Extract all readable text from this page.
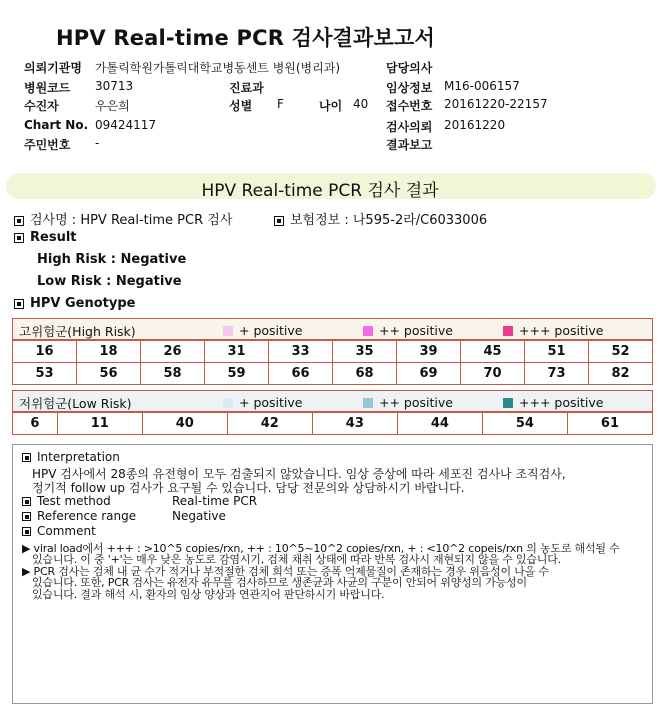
HPV Real-time PCR 검사결과보고서
의뢰기관명 가톨릭학원가톨릭대학교병동센트 병원(병리과)
병원코드 30713	진료과
수진자	우은희	성별 F	나이 40
Chart No. 09424117
주민번호 -
담당의사
임상정보 M16-006157
접수번호 20161220-22157
검사의뢰 20161220
결과보고
HPV Real-time PCR 검사 결과
검사명 : HPV Real-time PCR 검사	보험정보 : 나595-2라/C6033006
Result
High Risk : Negative
Low Risk : Negative
HPV Genotype
고위험군(High Risk)	+ positive	++ positive	+++ positive
16	18	26	31	33	35	39	45	51	52
53	56	58	59	66	68	69	70	73	82
저위험군(Low Risk)	+ positive	++ positive	+++ positive
6	11	40	42	43	44	54	61
Interpretation
HPV 검사에서 28종의 유전형이 모두 검출되지 않았습니다. 임상 증상에 따라 세포진 검사나 조직검사,
정기적 follow up 검사가 요구될 수 있습니다. 담당 전문의와 상담하시기 바랍니다.
Test method	Real-time PCR
Reference range	Negative
Comment
▶ viral load에서 +++ : >10^5 copies/rxn, ++ : 10^5~10^2 copies/rxn, + : <10^2 copeis/rxn 의 농도로 해석될 수
있습니다. 이 중 '+'는 매우 낮은 농도로 감염시기, 검체 채취 상태에 따라 반복 검사시 재현되지 않을 수 있습니다.
▶ PCR 검사는 검체 내 균 수가 적거나 부적절한 검체 희석 또는 증폭 억제물질이 존재하는 경우 위음성이 나올 수
있습니다. 또한, PCR 검사는 유전자 유무를 검사하므로 생존균과 사균의 구분이 안되어 위양성의 가능성이
있습니다. 결과 해석 시, 환자의 임상 양상과 연관지어 판단하시기 바랍니다.
